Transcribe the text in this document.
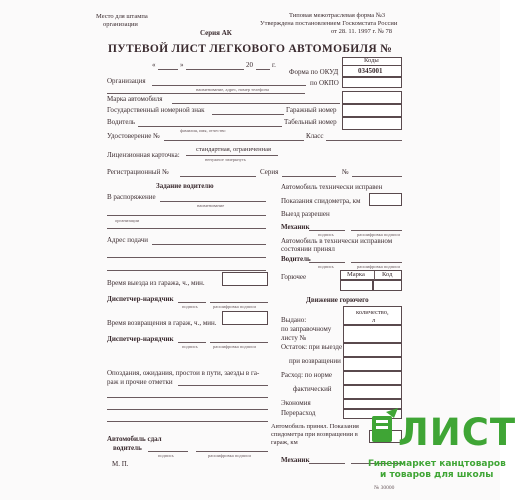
Место для штампа
организации
Серия АК
Типовая межотраслевая форма №3
Утверждена постановлением Госкомстата России
от 28. 11. 1997 г. № 78
ПУТЕВОЙ ЛИСТ ЛЕГКОВОГО АВТОМОБИЛЯ №
Коды
0345001
Форма по ОКУД
по ОКПО
«	»	20	г.
Организация
наименование, адрес, номер телефона
Марка автомобиля
Государственный номерной знак	Гаражный номер
Водитель
фамилия, имя, отчество
Табельный номер
Удостоверение №	Класс
Лицензионная карточка:
стандартная, ограниченная
ненужное зачеркнуть
Регистрационный №	Серия	№
Задание водителю
В распоряжение
наименование
организации
Адрес подачи
Время выезда из гаража, ч., мин.
Диспетчер-нарядчик
подпись	расшифровка подписи
Время возвращения в гараж, ч., мин.
Диспетчер-нарядчик
подпись	расшифровка подписи
Опоздания, ожидания, простои в пути, заезды в га-
раж и прочие отметки
Автомобиль сдал
водитель
подпись	расшифровка подписи
М. П.
Автомобиль технически исправен
Показания спидометра, км
Выезд разрешен
Механик
подпись	расшифровка подписи
Автомобиль в технически исправном
состоянии принял
Водитель
подпись	расшифровка подписи
Горючее	Марка	Код
Движение горючего
количество,
л
Выдано:
по заправочному
листу №
Остаток: при выезде
при возвращении
Расход: по норме
фактический
Экономия
Перерасход
Автомобиль принял. Показания
спидометра при возвращении в
гараж, км
Механик
ЛИСТ
Гипермаркет канцтоваров
и товаров для школы
№ 30000
